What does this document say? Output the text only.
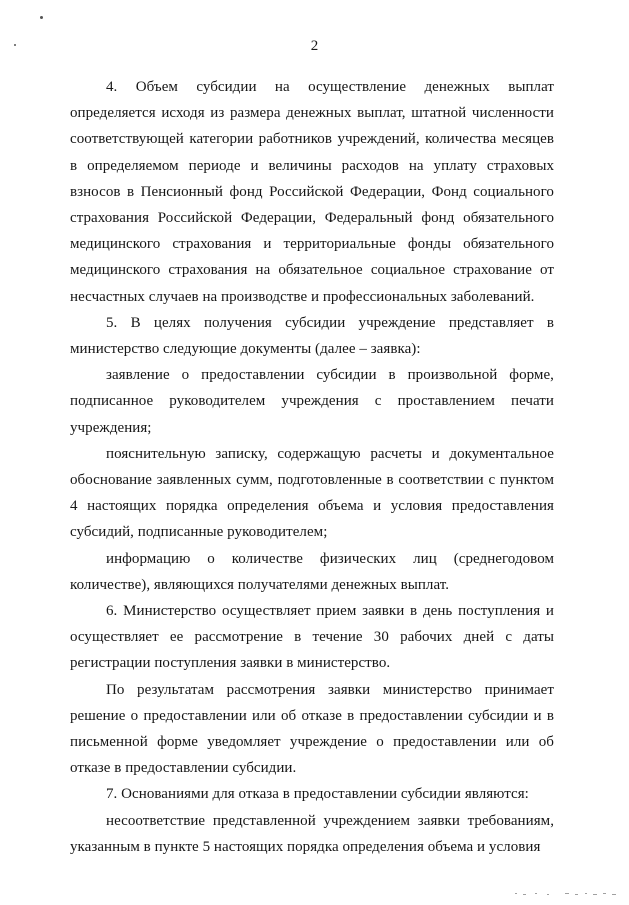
2

4. Объем субсидии на осуществление денежных выплат определяется исходя из размера денежных выплат, штатной численности соответствующей категории работников учреждений, количества месяцев в определяемом периоде и величины расходов на уплату страховых взносов в Пенсионный фонд Российской Федерации, Фонд социального страхования Российской Федерации, Федеральный фонд обязательного медицинского страхования и территориальные фонды обязательного медицинского страхования на обязательное социальное страхование от несчастных случаев на производстве и профессиональных заболеваний.

5. В целях получения субсидии учреждение представляет в министерство следующие документы (далее – заявка):

заявление о предоставлении субсидии в произвольной форме, подписанное руководителем учреждения с проставлением печати учреждения;

пояснительную записку, содержащую расчеты и документальное обоснование заявленных сумм, подготовленные в соответствии с пунктом 4 настоящих порядка определения объема и условия предоставления субсидий, подписанные руководителем;

информацию о количестве физических лиц (среднегодовом количестве), являющихся получателями денежных выплат.

6. Министерство осуществляет прием заявки в день поступления и осуществляет ее рассмотрение в течение 30 рабочих дней с даты регистрации поступления заявки в министерство.

По результатам рассмотрения заявки министерство принимает решение о предоставлении или об отказе в предоставлении субсидии и в письменной форме уведомляет учреждение о предоставлении или об отказе в предоставлении субсидии.

7. Основаниями для отказа в предоставлении субсидии являются:

несоответствие представленной учреждением заявки требованиям, указанным в пункте 5 настоящих порядка определения объема и условия
